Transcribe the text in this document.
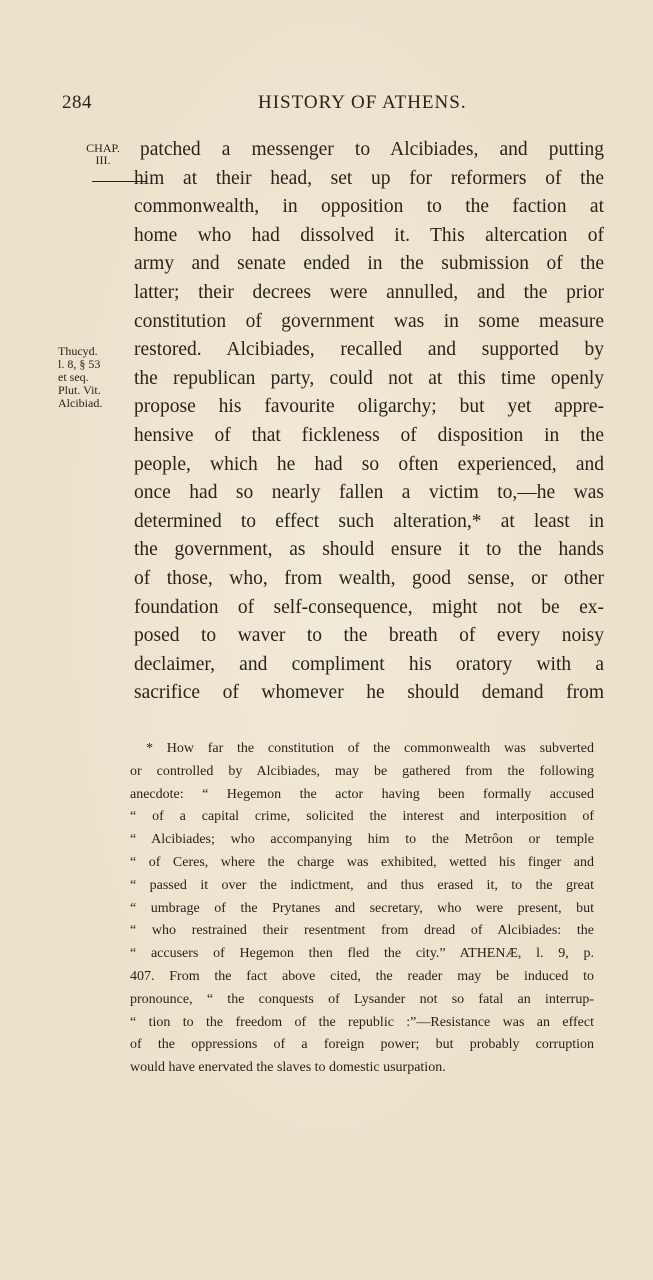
284	HISTORY OF ATHENS.
CHAP.
III.
Thucyd.
l. 8, § 53
et seq.
Plut. Vit.
Alcibiad.
patched a messenger to Alcibiades, and putting
him at their head, set up for reformers of the
commonwealth, in opposition to the faction at
home who had dissolved it. This altercation of
army and senate ended in the submission of the
latter; their decrees were annulled, and the prior
constitution of government was in some measure
restored. Alcibiades, recalled and supported by
the republican party, could not at this time openly
propose his favourite oligarchy; but yet appre-
hensive of that fickleness of disposition in the
people, which he had so often experienced, and
once had so nearly fallen a victim to,—he was
determined to effect such alteration,* at least in
the government, as should ensure it to the hands
of those, who, from wealth, good sense, or other
foundation of self-consequence, might not be ex-
posed to waver to the breath of every noisy
declaimer, and compliment his oratory with a
sacrifice of whomever he should demand from
* How far the constitution of the commonwealth was subverted
or controlled by Alcibiades, may be gathered from the following
anecdote: “ Hegemon the actor having been formally accused
“ of a capital crime, solicited the interest and interposition of
“ Alcibiades; who accompanying him to the Metrôon or temple
“ of Ceres, where the charge was exhibited, wetted his finger and
“ passed it over the indictment, and thus erased it, to the great
“ umbrage of the Prytanes and secretary, who were present, but
“ who restrained their resentment from dread of Alcibiades: the
“ accusers of Hegemon then fled the city.” ATHENÆ, l. 9, p.
407. From the fact above cited, the reader may be induced to
pronounce, “ the conquests of Lysander not so fatal an interrup-
“ tion to the freedom of the republic :”—Resistance was an effect
of the oppressions of a foreign power; but probably corruption
would have enervated the slaves to domestic usurpation.
